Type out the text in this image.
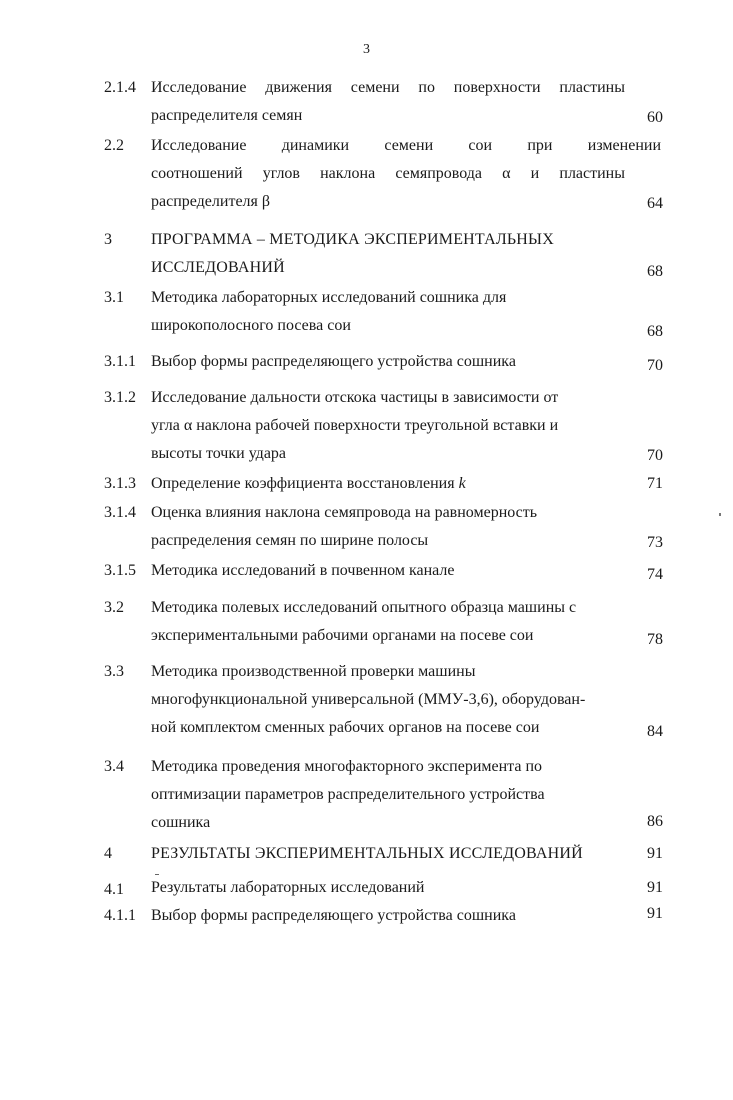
3
2.1.4 Исследование движения семени по поверхности пластины
распределителя семян	60
2.2 Исследование динамики семени сои при изменении
соотношений углов наклона семяпровода α и пластины
распределителя β	64
3 ПРОГРАММА – МЕТОДИКА ЭКСПЕРИМЕНТАЛЬНЫХ
ИССЛЕДОВАНИЙ	68
3.1 Методика лабораторных исследований сошника для
широкополосного посева сои	68
3.1.1 Выбор формы распределяющего устройства сошника	70
3.1.2 Исследование дальности отскока частицы в зависимости от
угла α наклона рабочей поверхности треугольной вставки и
высоты точки удара	70
3.1.3 Определение коэффициента восстановления k	71
3.1.4 Оценка влияния наклона семяпровода на равномерность
распределения семян по ширине полосы	73
3.1.5 Методика исследований в почвенном канале	74
3.2 Методика полевых исследований опытного образца машины с
экспериментальными рабочими органами на посеве сои	78
3.3 Методика производственной проверки машины
многофункциональной универсальной (ММУ-3,6), оборудован-
ной комплектом сменных рабочих органов на посеве сои	84
3.4 Методика проведения многофакторного эксперимента по
оптимизации параметров распределительного устройства
сошника	86
4 РЕЗУЛЬТАТЫ ЭКСПЕРИМЕНТАЛЬНЫХ ИССЛЕДОВАНИЙ	91
4.1 Результаты лабораторных исследований	91
4.1.1 Выбор формы распределяющего устройства сошника	91
